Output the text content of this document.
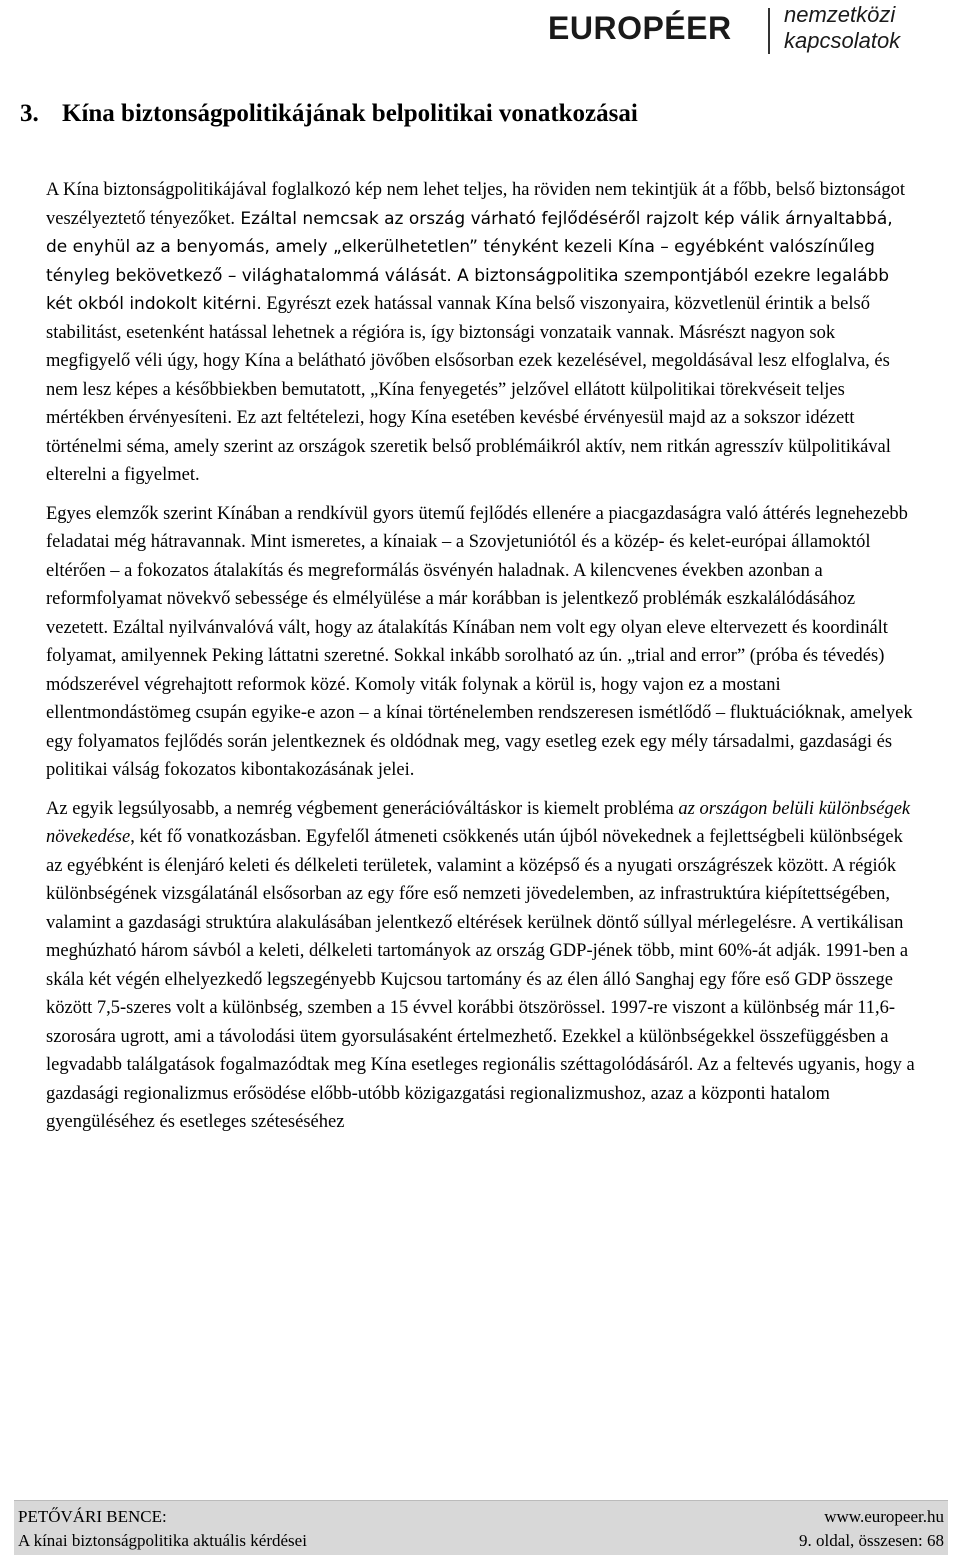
EUROPÉER nemzetközi
kapcsolatok
3. Kína biztonságpolitikájának belpolitikai vonatkozásai

A Kína biztonságpolitikájával foglalkozó kép nem lehet teljes, ha röviden nem tekintjük át a főbb, belső biztonságot veszélyeztető tényezőket. Ezáltal nemcsak az ország várható fejlődéséről rajzolt kép válik árnyaltabbá, de enyhül az a benyomás, amely „elkerülhetetlen” tényként kezeli Kína – egyébként valószínűleg tényleg bekövetkező – világhatalommá válását. A biztonságpolitika szempontjából ezekre legalább két okból indokolt kitérni. Egyrészt ezek hatással vannak Kína belső viszonyaira, közvetlenül érintik a belső stabilitást, esetenként hatással lehetnek a régióra is, így biztonsági vonzataik vannak. Másrészt nagyon sok megfigyelő véli úgy, hogy Kína a belátható jövőben elsősorban ezek kezelésével, megoldásával lesz elfoglalva, és nem lesz képes a későbbiekben bemutatott, „Kína fenyegetés” jelzővel ellátott külpolitikai törekvéseit teljes mértékben érvényesíteni. Ez azt feltételezi, hogy Kína esetében kevésbé érvényesül majd az a sokszor idézett történelmi séma, amely szerint az országok szeretik belső problémáikról aktív, nem ritkán agresszív külpolitikával elterelni a figyelmet.

Egyes elemzők szerint Kínában a rendkívül gyors ütemű fejlődés ellenére a piacgazdaságra való áttérés legnehezebb feladatai még hátravannak. Mint ismeretes, a kínaiak – a Szovjetuniótól és a közép- és kelet-európai államoktól eltérően – a fokozatos átalakítás és megreformálás ösvényén haladnak. A kilencvenes években azonban a reformfolyamat növekvő sebessége és elmélyülése a már korábban is jelentkező problémák eszkalálódásához vezetett. Ezáltal nyilvánvalóvá vált, hogy az átalakítás Kínában nem volt egy olyan eleve eltervezett és koordinált folyamat, amilyennek Peking láttatni szeretné. Sokkal inkább sorolható az ún. „trial and error” (próba és tévedés) módszerével végrehajtott reformok közé. Komoly viták folynak a körül is, hogy vajon ez a mostani ellentmondástömeg csupán egyike-e azon – a kínai történelemben rendszeresen ismétlődő – fluktuációknak, amelyek egy folyamatos fejlődés során jelentkeznek és oldódnak meg, vagy esetleg ezek egy mély társadalmi, gazdasági és politikai válság fokozatos kibontakozásának jelei.

Az egyik legsúlyosabb, a nemrég végbement generációváltáskor is kiemelt probléma az országon belüli különbségek növekedése, két fő vonatkozásban. Egyfelől átmeneti csökkenés után újból növekednek a fejlettségbeli különbségek az egyébként is élenjáró keleti és délkeleti területek, valamint a középső és a nyugati országrészek között. A régiók különbségének vizsgálatánál elsősorban az egy főre eső nemzeti jövedelemben, az infrastruktúra kiépítettségében, valamint a gazdasági struktúra alakulásában jelentkező eltérések kerülnek döntő súllyal mérlegelésre. A vertikálisan meghúzható három sávból a keleti, délkeleti tartományok az ország GDP-jének több, mint 60%-át adják. 1991-ben a skála két végén elhelyezkedő legszegényebb Kujcsou tartomány és az élen álló Sanghaj egy főre eső GDP összege között 7,5-szeres volt a különbség, szemben a 15 évvel korábbi ötszörössel. 1997-re viszont a különbség már 11,6-szorosára ugrott, ami a távolodási ütem gyorsulásaként értelmezhető. Ezekkel a különbségekkel összefüggésben a legvadabb találgatások fogalmazódtak meg Kína esetleges regionális széttagolódásáról. Az a feltevés ugyanis, hogy a gazdasági regionalizmus erősödése előbb-utóbb közigazgatási regionalizmushoz, azaz a központi hatalom gyengüléséhez és esetleges széteséséhez

PETŐVÁRI BENCE:
A kínai biztonságpolitika aktuális kérdései
www.europeer.hu
9. oldal, összesen: 68
